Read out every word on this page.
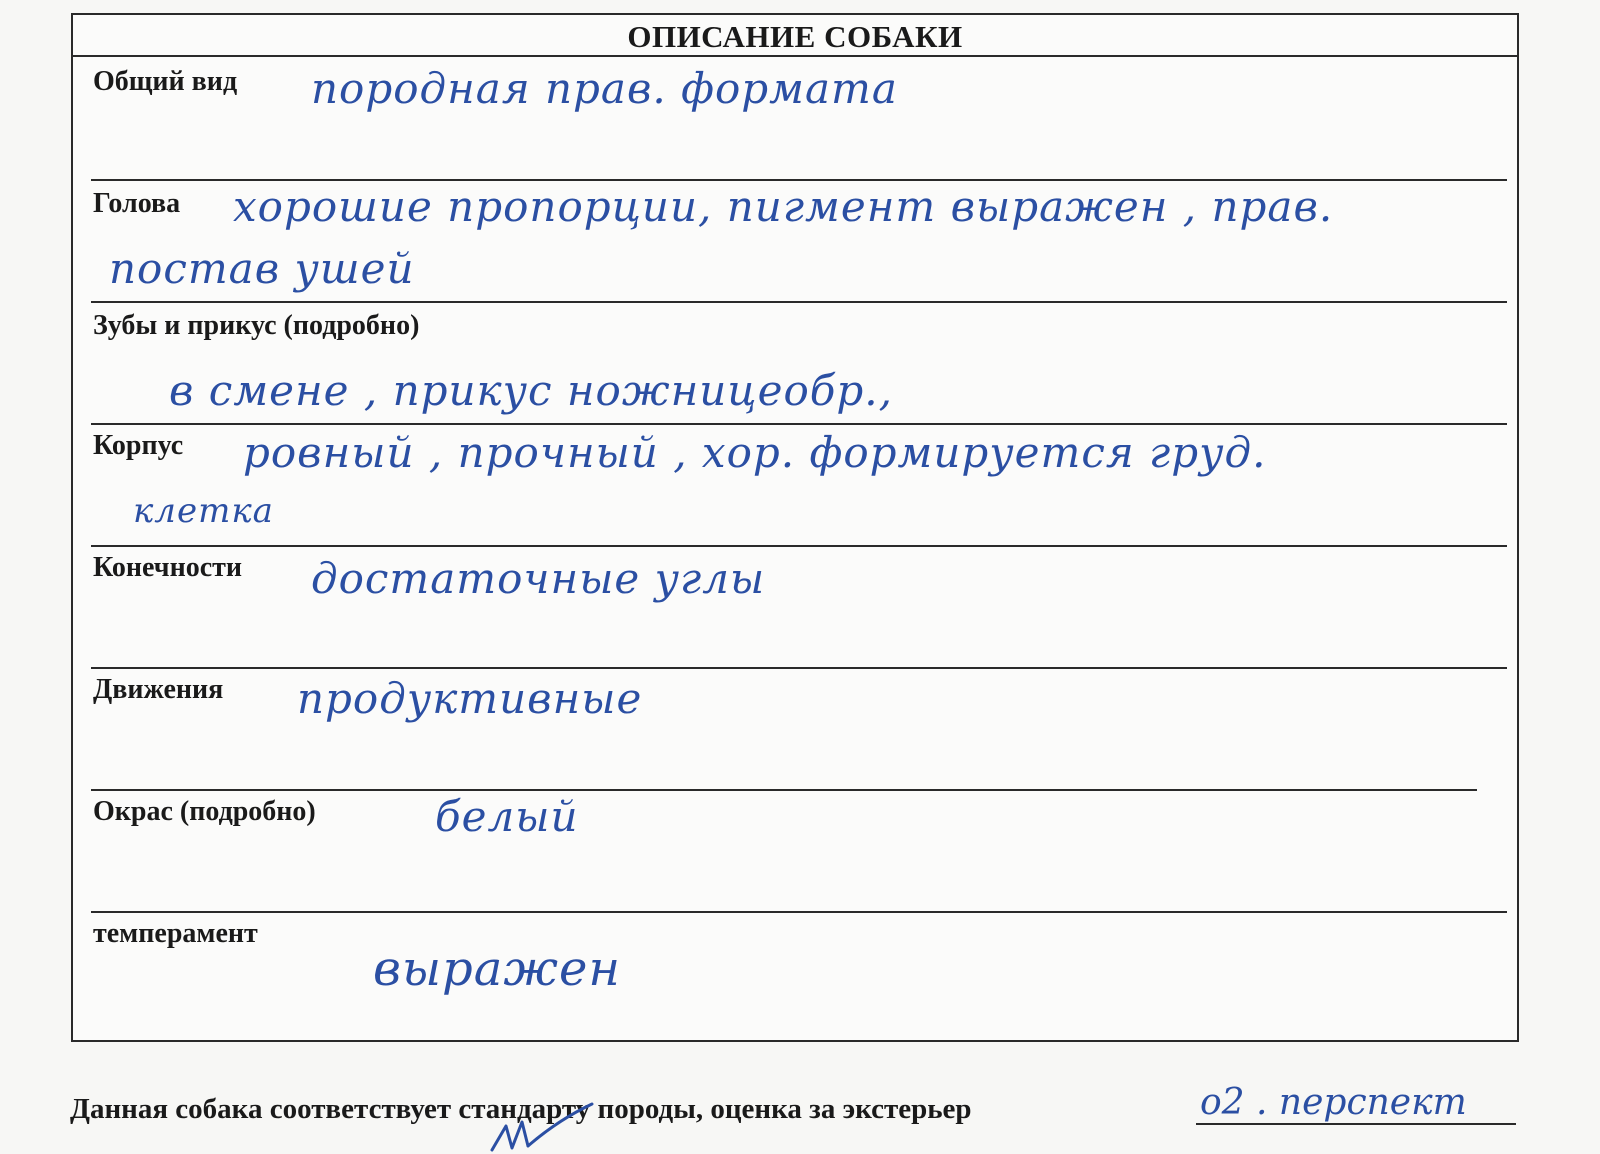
ОПИСАНИЕ СОБАКИ
Общий вид породная прав. формата
Голова хорошие пропорции, пигмент выражен , прав.
постав ушей
Зубы и прикус (подробно)
в смене , прикус ножницеобр.,
Корпус ровный , прочный , хор. формируется груд.
клетка
Конечности достаточные углы
Движения продуктивные
Окрас (подробно)	белый
темперамент
выражен
Данная собака соответствует стандарту породы, оценка за экстерьер	о2 . перспект
